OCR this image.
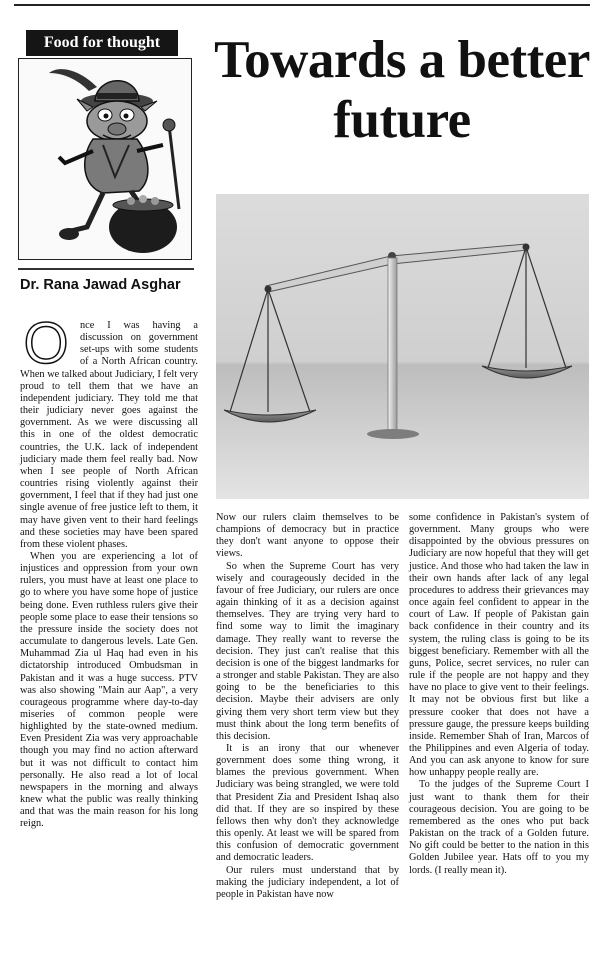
Food for thought
Dr. Rana Jawad Asghar
Towards a better future

O	nce I was having a discussion on government set-ups with some students of a North African country. When we talked about Judiciary, I felt very proud to tell them that we have an independent judiciary. They told me that their judiciary never goes against the government. As we were discussing all this in one of the oldest democratic countries, the U.K. lack of independent judiciary made them feel really bad. Now when I see people of North African countries rising violently against their government, I feel that if they had just one single avenue of free justice left to them, it may have given vent to their hard feelings and these societies may have been spared from these violent phases.

When you are experiencing a lot of injustices and oppression from your own rulers, you must have at least one place to go to where you have some hope of justice being done. Even ruthless rulers give their people some place to ease their tensions so the pressure inside the society does not accumulate to dangerous levels. Late Gen. Muhammad Zia ul Haq had even in his dictatorship introduced Ombudsman in Pakistan and it was a huge success. PTV was also showing "Main aur Aap", a very courageous programme where day-to-day miseries of common people were highlighted by the state-owned medium. Even President Zia was very approachable though you may find no action afterward but it was not difficult to contact him personally. He also read a lot of local newspapers in the morning and always knew what the public was really thinking and that was the main reason for his long reign.

Now our rulers claim themselves to be champions of democracy but in practice they don't want anyone to oppose their views.

So when the Supreme Court has very wisely and courageously decided in the favour of free Judiciary, our rulers are once again thinking of it as a decision against themselves. They are trying very hard to find some way to limit the imaginary damage. They really want to reverse the decision. They just can't realise that this decision is one of the biggest landmarks for a stronger and stable Pakistan. They are also going to be the beneficiaries to this decision. Maybe their advisers are only giving them very short term view but they must think about the long term benefits of this decision.

It is an irony that our whenever government does some thing wrong, it blames the previous government. When Judiciary was being strangled, we were told that President Zia and President Ishaq also did that. If they are so inspired by these fellows then why don't they acknowledge this openly. At least we will be spared from this confusion of democratic government and democratic leaders.

Our rulers must understand that by making the judiciary independent, a lot of people in Pakistan have now

some confidence in Pakistan's system of government. Many groups who were disappointed by the obvious pressures on Judiciary are now hopeful that they will get justice. And those who had taken the law in their own hands after lack of any legal procedures to address their grievances may once again feel confident to appear in the court of Law. If people of Pakistan gain back confidence in their country and its system, the ruling class is going to be its biggest beneficiary. Remember with all the guns, Police, secret services, no ruler can rule if the people are not happy and they have no place to give vent to their feelings. It may not be obvious first but like a pressure cooker that does not have a pressure gauge, the pressure keeps building inside. Remember Shah of Iran, Marcos of the Philippines and even Algeria of today. And you can ask anyone to know for sure how unhappy people really are.

To the judges of the Supreme Court I just want to thank them for their courageous decision. You are going to be remembered as the ones who put back Pakistan on the track of a Golden future. No gift could be better to the nation in this Golden Jubilee year. Hats off to you my lords. (I really mean it).
